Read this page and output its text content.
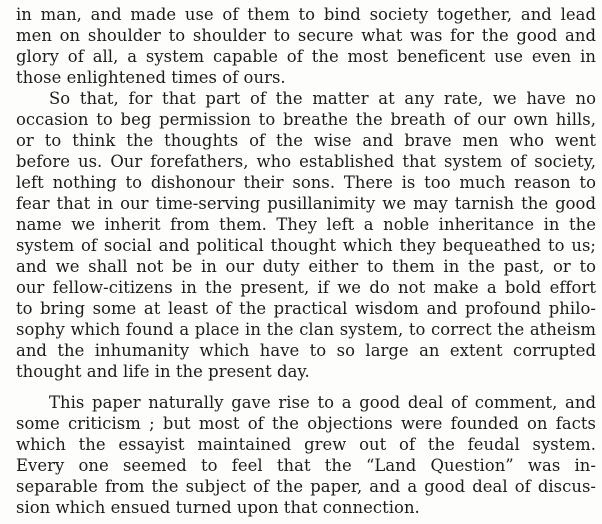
in man, and made use of them to bind society together, and lead
men on shoulder to shoulder to secure what was for the good and
glory of all, a system capable of the most beneficent use even in
those enlightened times of ours.
So that, for that part of the matter at any rate, we have no
occasion to beg permission to breathe the breath of our own hills,
or to think the thoughts of the wise and brave men who went
before us. Our forefathers, who established that system of society,
left nothing to dishonour their sons. There is too much reason to
fear that in our time-serving pusillanimity we may tarnish the good
name we inherit from them. They left a noble inheritance in the
system of social and political thought which they bequeathed to us;
and we shall not be in our duty either to them in the past, or to
our fellow-citizens in the present, if we do not make a bold effort
to bring some at least of the practical wisdom and profound philo-
sophy which found a place in the clan system, to correct the atheism
and the inhumanity which have to so large an extent corrupted
thought and life in the present day.
This paper naturally gave rise to a good deal of comment, and
some criticism ; but most of the objections were founded on facts
which the essayist maintained grew out of the feudal system.
Every one seemed to feel that the “Land Question” was in-
separable from the subject of the paper, and a good deal of discus-
sion which ensued turned upon that connection.
